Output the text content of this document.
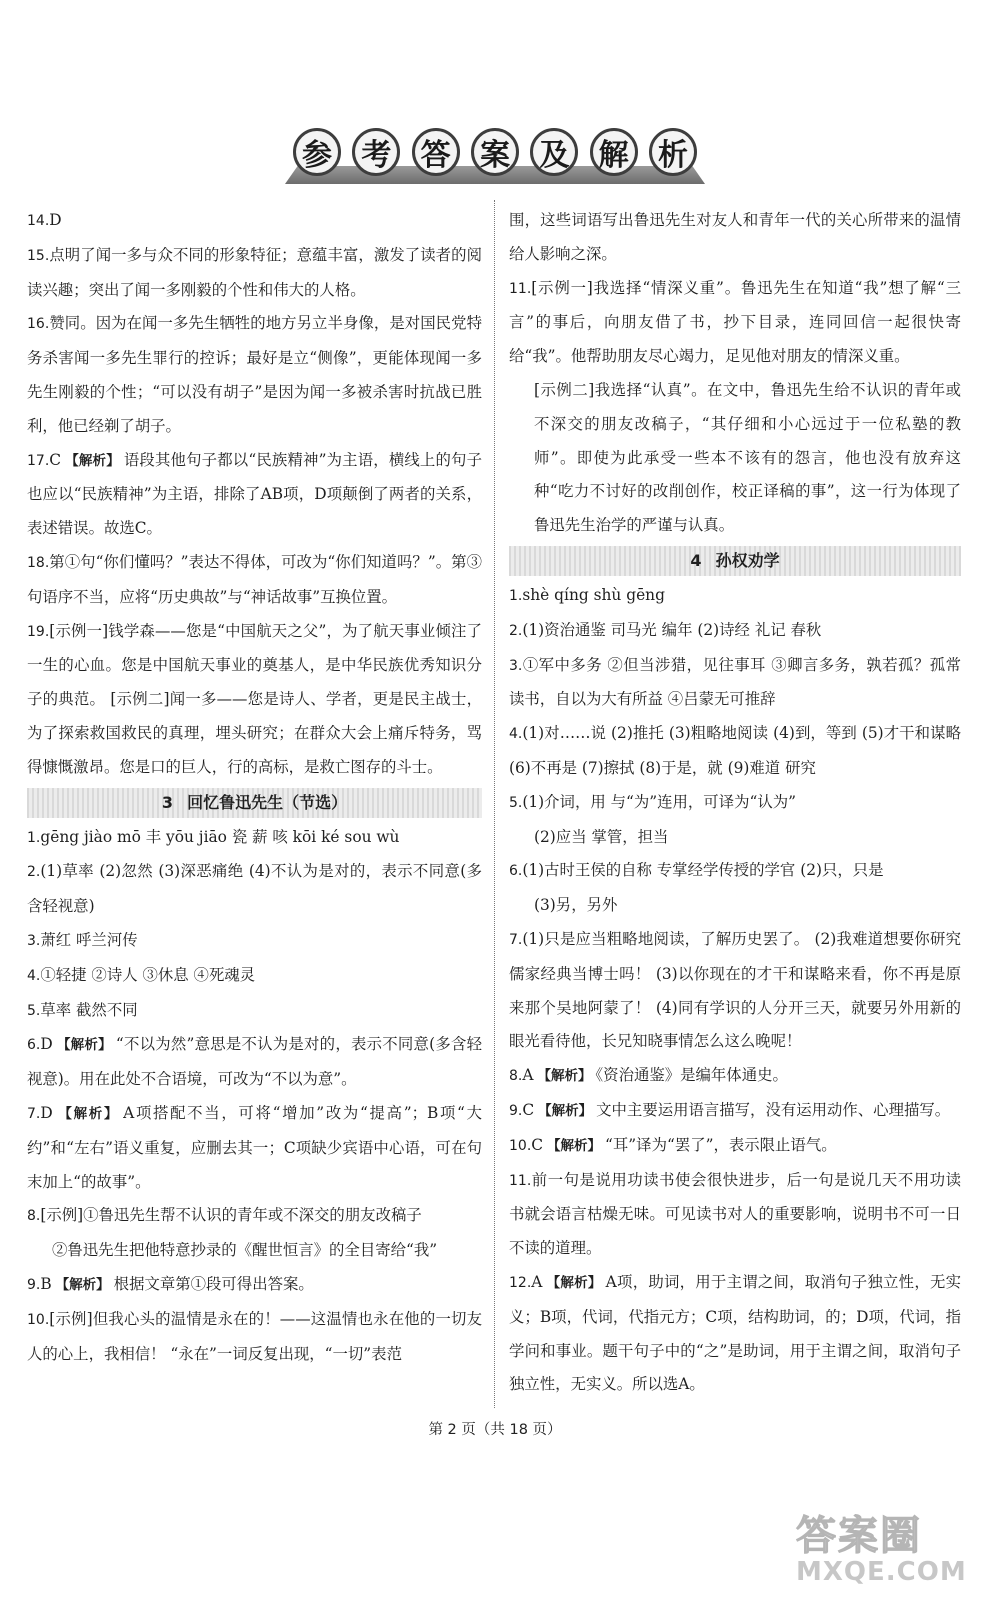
参 考 答 案 及 解 析

14.D

15.点明了闻一多与众不同的形象特征；意蕴丰富，激发了读者的阅读兴趣；突出了闻一多刚毅的个性和伟大的人格。

16.赞同。因为在闻一多先生牺牲的地方另立半身像，是对国民党特务杀害闻一多先生罪行的控诉；最好是立“侧像”，更能体现闻一多先生刚毅的个性；“可以没有胡子”是因为闻一多被杀害时抗战已胜利，他已经剃了胡子。

17.C 【解析】 语段其他句子都以“民族精神”为主语，横线上的句子也应以“民族精神”为主语，排除了AB项，D项颠倒了两者的关系，表述错误。故选C。

18.第①句“你们懂吗？”表达不得体，可改为“你们知道吗？”。第③句语序不当，应将“历史典故”与“神话故事”互换位置。

19.[示例一]钱学森——您是“中国航天之父”，为了航天事业倾注了一生的心血。您是中国航天事业的奠基人，是中华民族优秀知识分子的典范。 [示例二]闻一多——您是诗人、学者，更是民主战士，为了探索救国救民的真理，埋头研究；在群众大会上痛斥特务，骂得慷慨激昂。您是口的巨人，行的高标，是救亡图存的斗士。

3 回忆鲁迅先生（节选）

1.gēng jiào mō 丰 yōu jiāo 瓷 薪 咳 kōi ké sou wù

2.(1)草率 (2)忽然 (3)深恶痛绝 (4)不认为是对的，表示不同意(多含轻视意)

3.萧红 呼兰河传

4.①轻捷 ②诗人 ③休息 ④死魂灵

5.草率 截然不同

6.D 【解析】 “不以为然”意思是不认为是对的，表示不同意(多含轻视意)。用在此处不合语境，可改为“不以为意”。

7.D 【解析】 A项搭配不当，可将“增加”改为“提高”；B项“大约”和“左右”语义重复，应删去其一；C项缺少宾语中心语，可在句末加上“的故事”。

8.[示例]①鲁迅先生帮不认识的青年或不深交的朋友改稿子

②鲁迅先生把他特意抄录的《醒世恒言》的全目寄给“我”

9.B 【解析】 根据文章第①段可得出答案。

10.[示例]但我心头的温情是永在的！——这温情也永在他的一切友人的心上，我相信！ “永在”一词反复出现，“一切”表范

围，这些词语写出鲁迅先生对友人和青年一代的关心所带来的温情给人影响之深。

11.[示例一]我选择“情深义重”。鲁迅先生在知道“我”想了解“三言”的事后，向朋友借了书，抄下目录，连同回信一起很快寄给“我”。他帮助朋友尽心竭力，足见他对朋友的情深义重。

[示例二]我选择“认真”。在文中，鲁迅先生给不认识的青年或不深交的朋友改稿子，“其仔细和小心远过于一位私塾的教师”。即使为此承受一些本不该有的怨言，他也没有放弃这种“吃力不讨好的改削创作，校正译稿的事”，这一行为体现了鲁迅先生治学的严谨与认真。

4 孙权劝学

1.shè qíng shù gēng

2.(1)资治通鉴 司马光 编年 (2)诗经 礼记 春秋

3.①军中多务 ②但当涉猎，见往事耳 ③卿言多务，孰若孤？孤常读书，自以为大有所益 ④吕蒙无可推辞

4.(1)对……说 (2)推托 (3)粗略地阅读 (4)到，等到 (5)才干和谋略 (6)不再是 (7)擦拭 (8)于是，就 (9)难道 研究

5.(1)介词，用 与“为”连用，可译为“认为”

(2)应当 掌管，担当

6.(1)古时王侯的自称 专掌经学传授的学官 (2)只，只是

(3)另，另外

7.(1)只是应当粗略地阅读，了解历史罢了。 (2)我难道想要你研究儒家经典当博士吗！ (3)以你现在的才干和谋略来看，你不再是原来那个吴地阿蒙了！ (4)同有学识的人分开三天，就要另外用新的眼光看待他，长兄知晓事情怎么这么晚呢！

8.A 【解析】 《资治通鉴》是编年体通史。

9.C 【解析】 文中主要运用语言描写，没有运用动作、心理描写。

10.C 【解析】 “耳”译为“罢了”，表示限止语气。

11.前一句是说用功读书使会很快进步，后一句是说几天不用功读书就会语言枯燥无味。可见读书对人的重要影响，说明书不可一日不读的道理。

12.A 【解析】 A项，助词，用于主谓之间，取消句子独立性，无实义；B项，代词，代指元方；C项，结构助词，的；D项，代词，指学问和事业。题干句子中的“之”是助词，用于主谓之间，取消句子独立性，无实义。所以选A。

第 2 页（共 18 页）
答案圈
MXQE.COM
